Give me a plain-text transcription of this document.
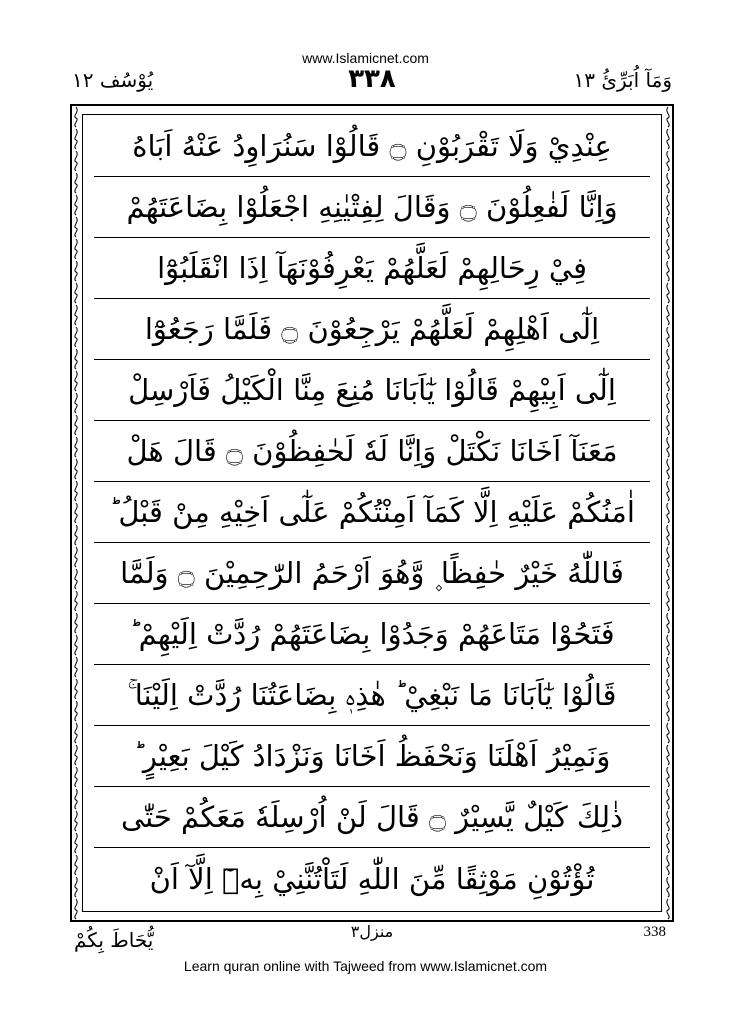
www.Islamicnet.com
وَمَآ اُبَرِّئُ ١٣
٣٣٨
يُوْسُف ١٢
عِنْدِيْ وَلَا تَقْرَبُوْنِ ۝ قَالُوْا سَنُرَاوِدُ عَنْهُ اَبَاهُ
وَاِنَّا لَفٰعِلُوْنَ ۝ وَقَالَ لِفِتْيٰنِهِ اجْعَلُوْا بِضَاعَتَهُمْ
فِيْ رِحَالِهِمْ لَعَلَّهُمْ يَعْرِفُوْنَهَآ اِذَا انْقَلَبُوْٓا
اِلٰٓى اَهْلِهِمْ لَعَلَّهُمْ يَرْجِعُوْنَ ۝ فَلَمَّا رَجَعُوْٓا
اِلٰٓى اَبِيْهِمْ قَالُوْا يٰٓاَبَانَا مُنِعَ مِنَّا الْكَيْلُ فَاَرْسِلْ
مَعَنَآ اَخَانَا نَكْتَلْ وَاِنَّا لَهٗ لَحٰفِظُوْنَ ۝ قَالَ هَلْ
اٰمَنُكُمْ عَلَيْهِ اِلَّا كَمَآ اَمِنْتُكُمْ عَلٰٓى اَخِيْهِ مِنْ قَبْلُ ؕ
فَاللّٰهُ خَيْرٌ حٰفِظًا ۪ وَّهُوَ اَرْحَمُ الرّٰحِمِيْنَ ۝ وَلَمَّا
فَتَحُوْا مَتَاعَهُمْ وَجَدُوْا بِضَاعَتَهُمْ رُدَّتْ اِلَيْهِمْ ؕ
قَالُوْا يٰٓاَبَانَا مَا نَبْغِيْ ؕ هٰذِهٖ بِضَاعَتُنَا رُدَّتْ اِلَيْنَا ۚ
وَنَمِيْرُ اَهْلَنَا وَنَحْفَظُ اَخَانَا وَنَزْدَادُ كَيْلَ بَعِيْرٍ ؕ
ذٰلِكَ كَيْلٌ يَّسِيْرٌ ۝ قَالَ لَنْ اُرْسِلَهٗ مَعَكُمْ حَتّٰى
تُؤْتُوْنِ مَوْثِقًا مِّنَ اللّٰهِ لَتَاْتُنَّنِيْ بِهٖٓ اِلَّآ اَنْ
338
منزل٣
يُّحَاطَ بِكُمْ
Learn quran online with Tajweed from www.Islamicnet.com
